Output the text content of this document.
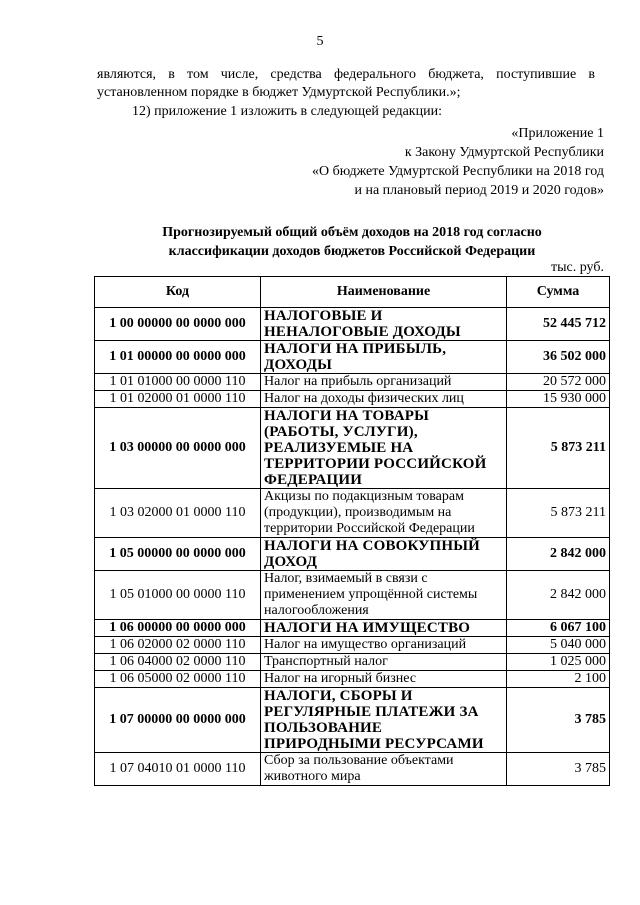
5
являются, в том числе, средства федерального бюджета, поступившие в установленном порядке в бюджет Удмуртской Республики.»;
12) приложение 1 изложить в следующей редакции:
«Приложение 1
к Закону Удмуртской Республики
«О бюджете Удмуртской Республики на 2018 год
и на плановый период 2019 и 2020 годов»
Прогнозируемый общий объём доходов на 2018 год согласно
классификации доходов бюджетов Российской Федерации
тыс. руб.
Код	Наименование	Сумма
1 00 00000 00 0000 000	НАЛОГОВЫЕ И НЕНАЛОГОВЫЕ ДОХОДЫ	52 445 712
1 01 00000 00 0000 000	НАЛОГИ НА ПРИБЫЛЬ, ДОХОДЫ	36 502 000
1 01 01000 00 0000 110	Налог на прибыль организаций	20 572 000
1 01 02000 01 0000 110	Налог на доходы физических лиц	15 930 000
1 03 00000 00 0000 000	НАЛОГИ НА ТОВАРЫ (РАБОТЫ, УСЛУГИ), РЕАЛИЗУЕМЫЕ НА ТЕРРИТОРИИ РОССИЙСКОЙ ФЕДЕРАЦИИ	5 873 211
1 03 02000 01 0000 110	Акцизы по подакцизным товарам (продукции), производимым на территории Российской Федерации	5 873 211
1 05 00000 00 0000 000	НАЛОГИ НА СОВОКУПНЫЙ ДОХОД	2 842 000
1 05 01000 00 0000 110	Налог, взимаемый в связи с применением упрощённой системы налогообложения	2 842 000
1 06 00000 00 0000 000	НАЛОГИ НА ИМУЩЕСТВО	6 067 100
1 06 02000 02 0000 110	Налог на имущество организаций	5 040 000
1 06 04000 02 0000 110	Транспортный налог	1 025 000
1 06 05000 02 0000 110	Налог на игорный бизнес	2 100
1 07 00000 00 0000 000	НАЛОГИ, СБОРЫ И РЕГУЛЯРНЫЕ ПЛАТЕЖИ ЗА ПОЛЬЗОВАНИЕ ПРИРОДНЫМИ РЕСУРСАМИ	3 785
1 07 04010 01 0000 110	Сбор за пользование объектами животного мира	3 785
